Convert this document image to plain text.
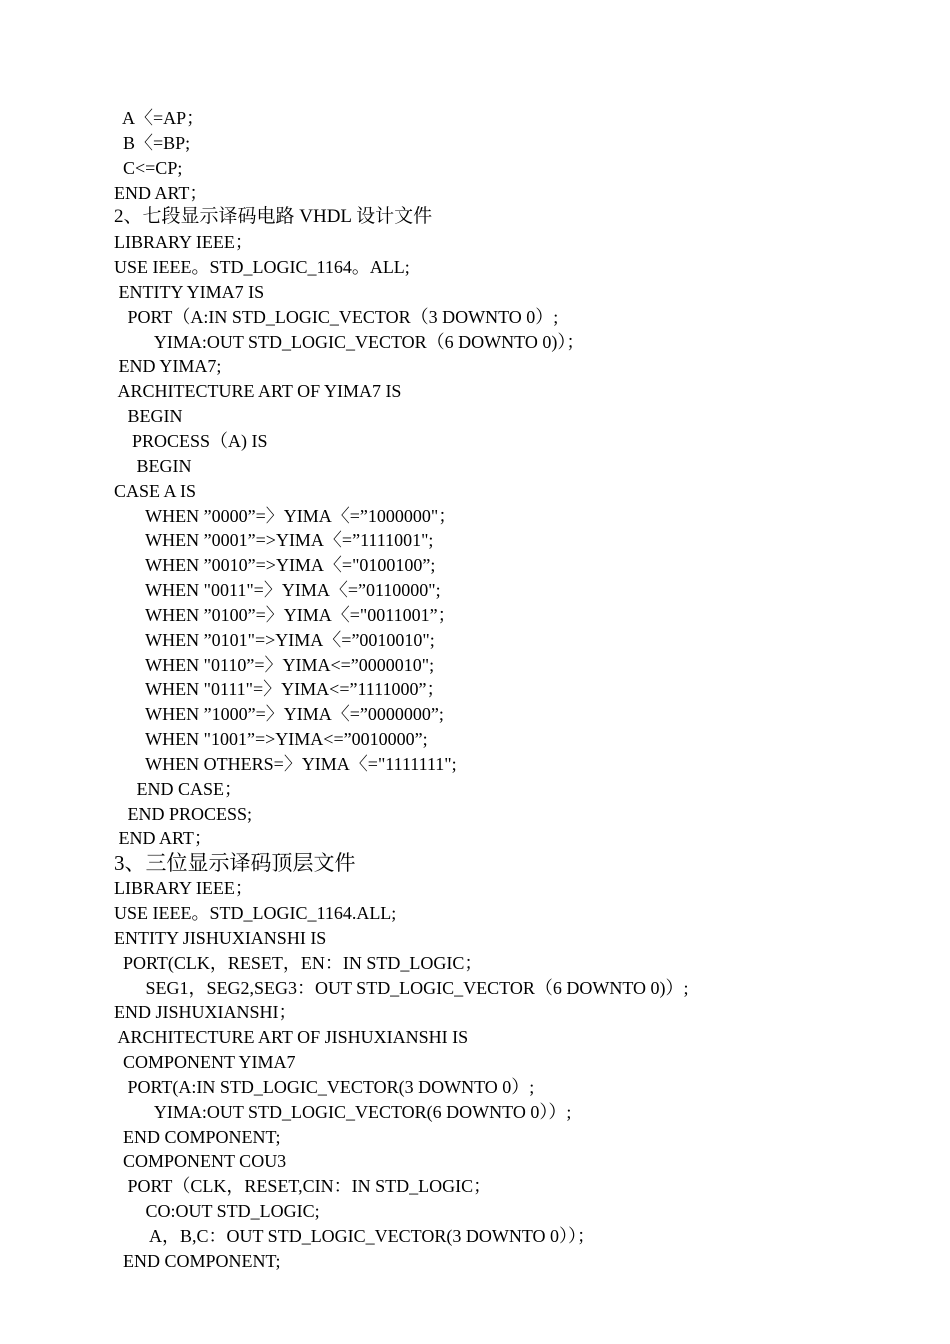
A〈=AP；
B〈=BP;
C<=CP;
END ART；
2、七段显示译码电路 VHDL 设计文件
LIBRARY IEEE；
USE IEEE。STD_LOGIC_1164。ALL;
ENTITY YIMA7 IS
PORT（A:IN STD_LOGIC_VECTOR（3 DOWNTO 0）;
YIMA:OUT STD_LOGIC_VECTOR（6 DOWNTO 0)）；
END YIMA7;
ARCHITECTURE ART OF YIMA7 IS
BEGIN
PROCESS（A) IS
BEGIN
CASE A IS
WHEN ”0000”=〉YIMA〈=”1000000"；
WHEN ”0001”=>YIMA〈=”1111001";
WHEN ”0010”=>YIMA〈="0100100”;
WHEN "0011"=〉YIMA〈=”0110000";
WHEN ”0100”=〉YIMA〈="0011001”；
WHEN ”0101"=>YIMA〈=”0010010";
WHEN "0110”=〉YIMA<=”0000010";
WHEN "0111"=〉YIMA<=”1111000”；
WHEN ”1000”=〉YIMA〈=”0000000”;
WHEN "1001”=>YIMA<=”0010000”;
WHEN OTHERS=〉YIMA〈="1111111";
END CASE；
END PROCESS;
END ART；
3、三位显示译码顶层文件
LIBRARY IEEE；
USE IEEE。STD_LOGIC_1164.ALL;
ENTITY JISHUXIANSHI IS
PORT(CLK，RESET，EN：IN STD_LOGIC；
SEG1，SEG2,SEG3：OUT STD_LOGIC_VECTOR（6 DOWNTO 0)）;
END JISHUXIANSHI；
ARCHITECTURE ART OF JISHUXIANSHI IS
COMPONENT YIMA7
PORT(A:IN STD_LOGIC_VECTOR(3 DOWNTO 0）;
YIMA:OUT STD_LOGIC_VECTOR(6 DOWNTO 0））;
END COMPONENT;
COMPONENT COU3
PORT（CLK，RESET,CIN：IN STD_LOGIC；
CO:OUT STD_LOGIC;
A，B,C：OUT STD_LOGIC_VECTOR(3 DOWNTO 0））；
END COMPONENT;
